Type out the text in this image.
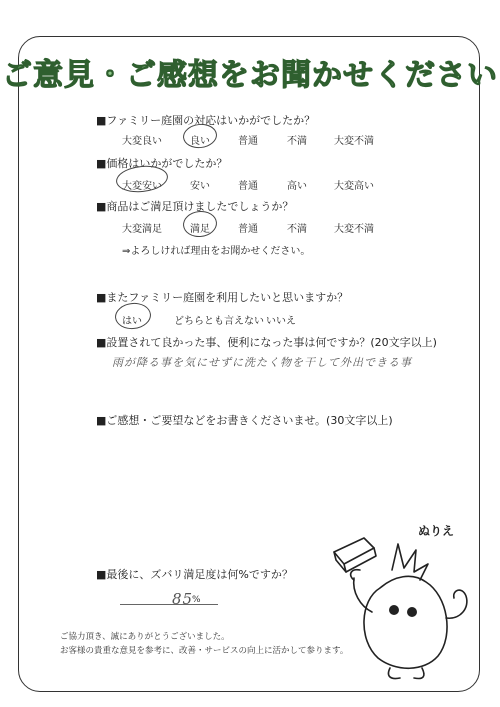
ご意見・ご感想をお聞かせください
■ファミリー庭園の対応はいかがでしたか？
大変良い	良い	普通	不満	大変不満
■価格はいかがでしたか？
大変安い	安い	普通	高い	大変高い
■商品はご満足頂けましたでしょうか？
大変満足	満足	普通	不満	大変不満
⇒よろしければ理由をお聞かせください。
■またファミリー庭園を利用したいと思いますか？
はい	どちらとも言えない いいえ
■設置されて良かった事、便利になった事は何ですか？(20文字以上)
雨が降る事を気にせずに洗たく物を干して外出できる事
■ご感想・ご要望などをお書きくださいませ。(30文字以上)
■最後に、ズバリ満足度は何%ですか？
85
%
ご協力頂き、誠にありがとうございました。
お客様の貴重な意見を参考に、改善・サービスの向上に活かして参ります。
ぬりえ
